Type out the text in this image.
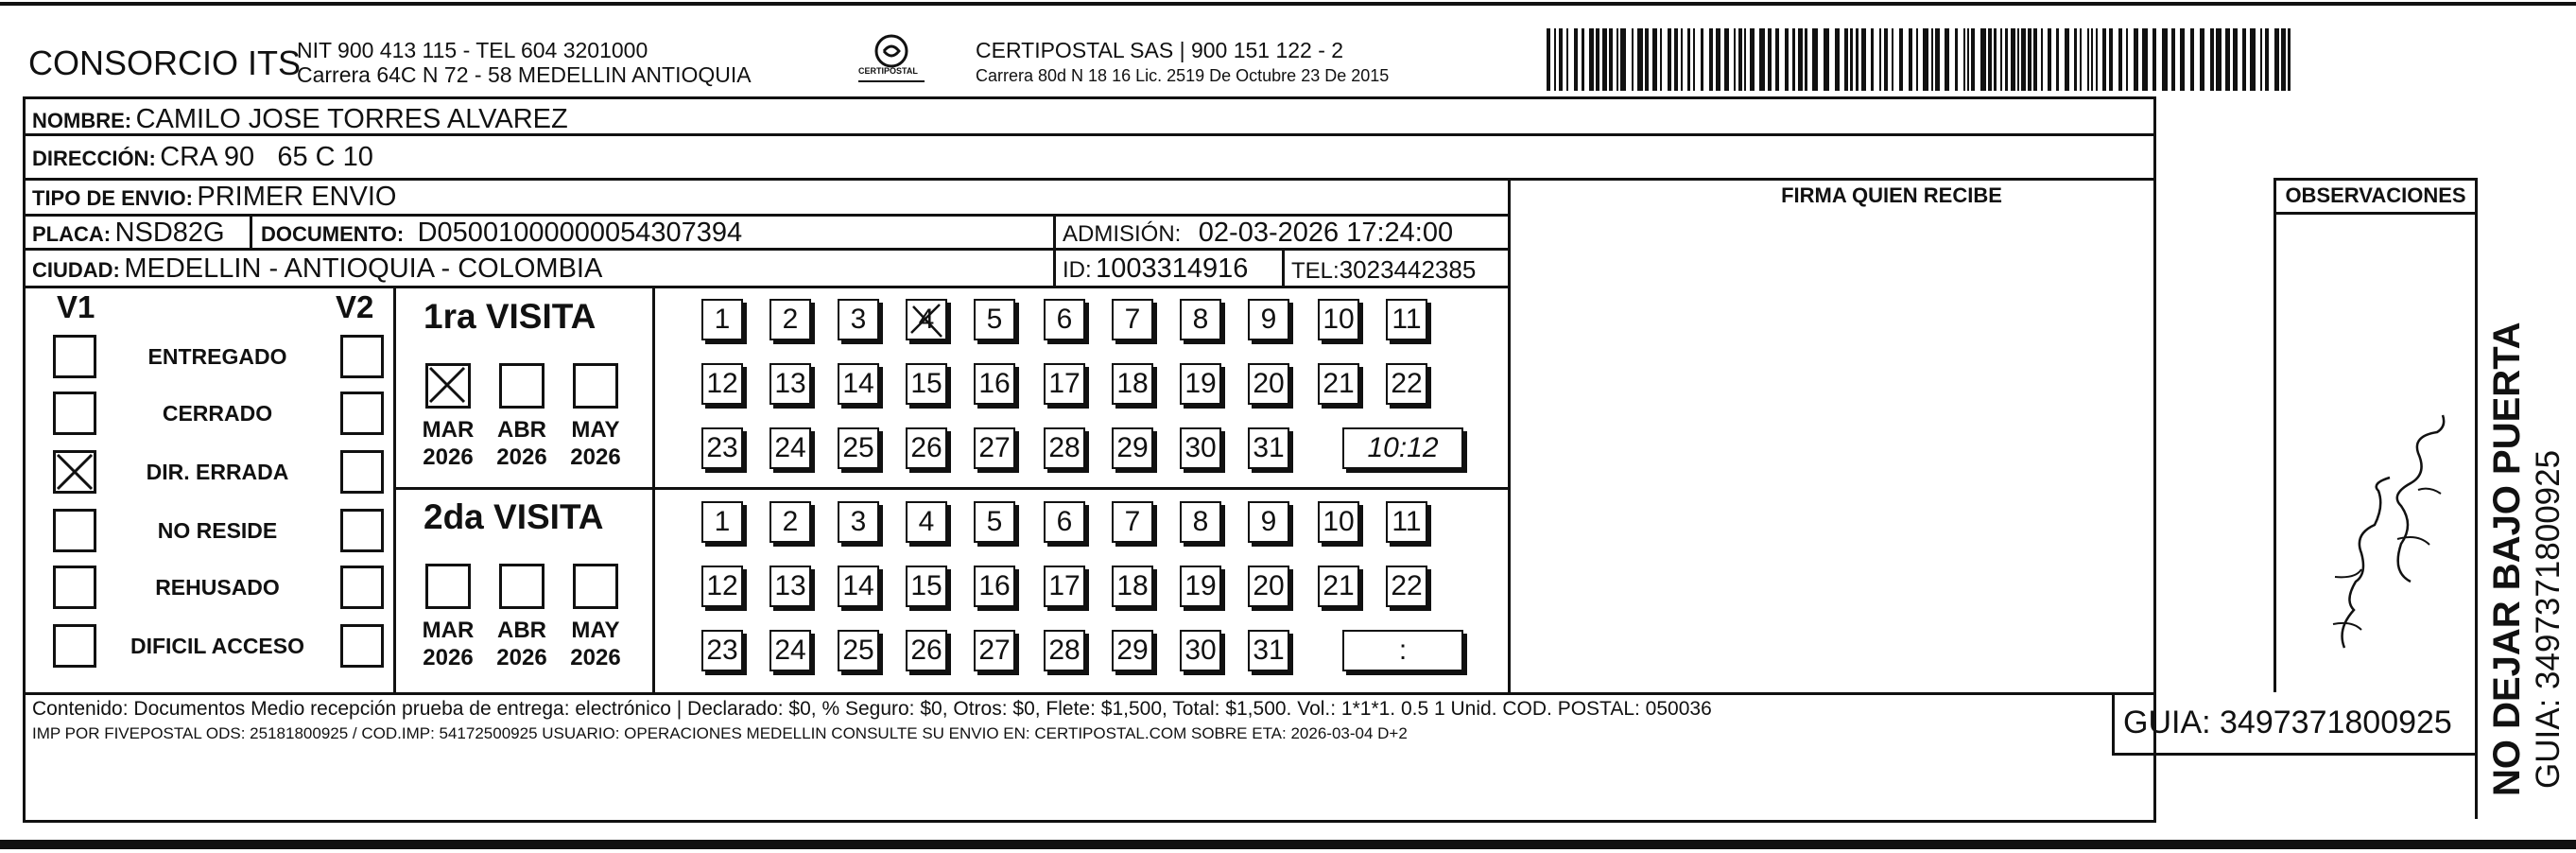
CONSORCIO ITS
NIT 900 413 115 - TEL 604 3201000
Carrera 64C N 72 - 58 MEDELLIN ANTIOQUIA	CERTIPOSTAL
CERTIPOSTAL SAS | 900 151 122 - 2
Carrera 80d N 18 16 Lic. 2519 De Octubre 23 De 2015
NOMBRE: CAMILO JOSE TORRES ALVAREZ
DIRECCIÓN: CRA 90   65 C 10
TIPO DE ENVIO: PRIMER ENVIO
PLACA: NSD82G DOCUMENTO: D05001000000054307394	ADMISIÓN: 02-03-2026 17:24:00
CIUDAD: MEDELLIN - ANTIOQUIA - COLOMBIA	ID: 1003314916 TEL:3023442385
FIRMA QUIEN RECIBE	OBSERVACIONES
V1	V2
ENTREGADO
CERRADO
DIR. ERRADA
NO RESIDE
REHUSADO
DIFICIL ACCESO
1ra VISITA
2da VISITA
MAR
2026
ABR
2026
MAY
2026
MAR
2026
ABR
2026
MAY
2026
1	2	3	4	5	6	7	8	9	10 11
12 13 14 15 16 17 18 19 20 21 22
23 24 25 26 27 28 29 30 31	10:12
1	2	3	4	5	6	7	8	9	10 11
12 13 14 15 16 17 18 19 20 21 22
23 24 25 26 27 28 29 30 31	:
Contenido: Documentos Medio recepción prueba de entrega: electrónico | Declarado: $0, % Seguro: $0, Otros: $0, Flete: $1,500, Total: $1,500. Vol.: 1*1*1. 0.5 1 Unid. COD. POSTAL: 050036
IMP POR FIVEPOSTAL ODS: 25181800925 / COD.IMP: 54172500925 USUARIO: OPERACIONES MEDELLIN CONSULTE SU ENVIO EN: CERTIPOSTAL.COM SOBRE ETA: 2026-03-04 D+2	GUIA: 3497371800925 NO DEJAR BAJO PUERTA GUIA: 3497371800925
